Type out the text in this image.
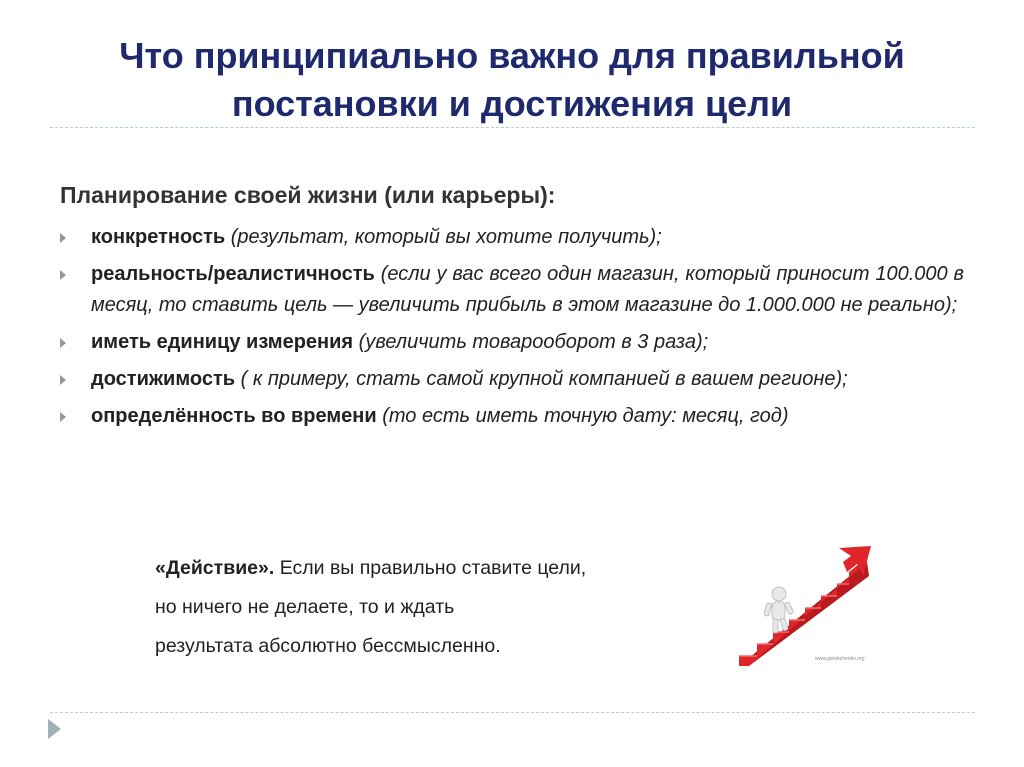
Что принципиально важно для правильной
постановки и достижения цели
Планирование своей жизни (или карьеры):
конкретность (результат, который вы хотите получить);
реальность/реалистичность (если у вас всего один магазин, который приносит 100.000 в месяц, то ставить цель — увеличить прибыль в этом магазине до 1.000.000 не реально);
иметь единицу измерения (увеличить товарооборот в 3 раза);
достижимость ( к примеру, стать самой крупной компанией в вашем регионе);
определённость во времени (то есть иметь точную дату: месяц, год)
«Действие». Если вы правильно ставите цели,
но ничего не делаете, то и ждать
результата абсолютно бессмысленно.
www.gorobchenko.org
